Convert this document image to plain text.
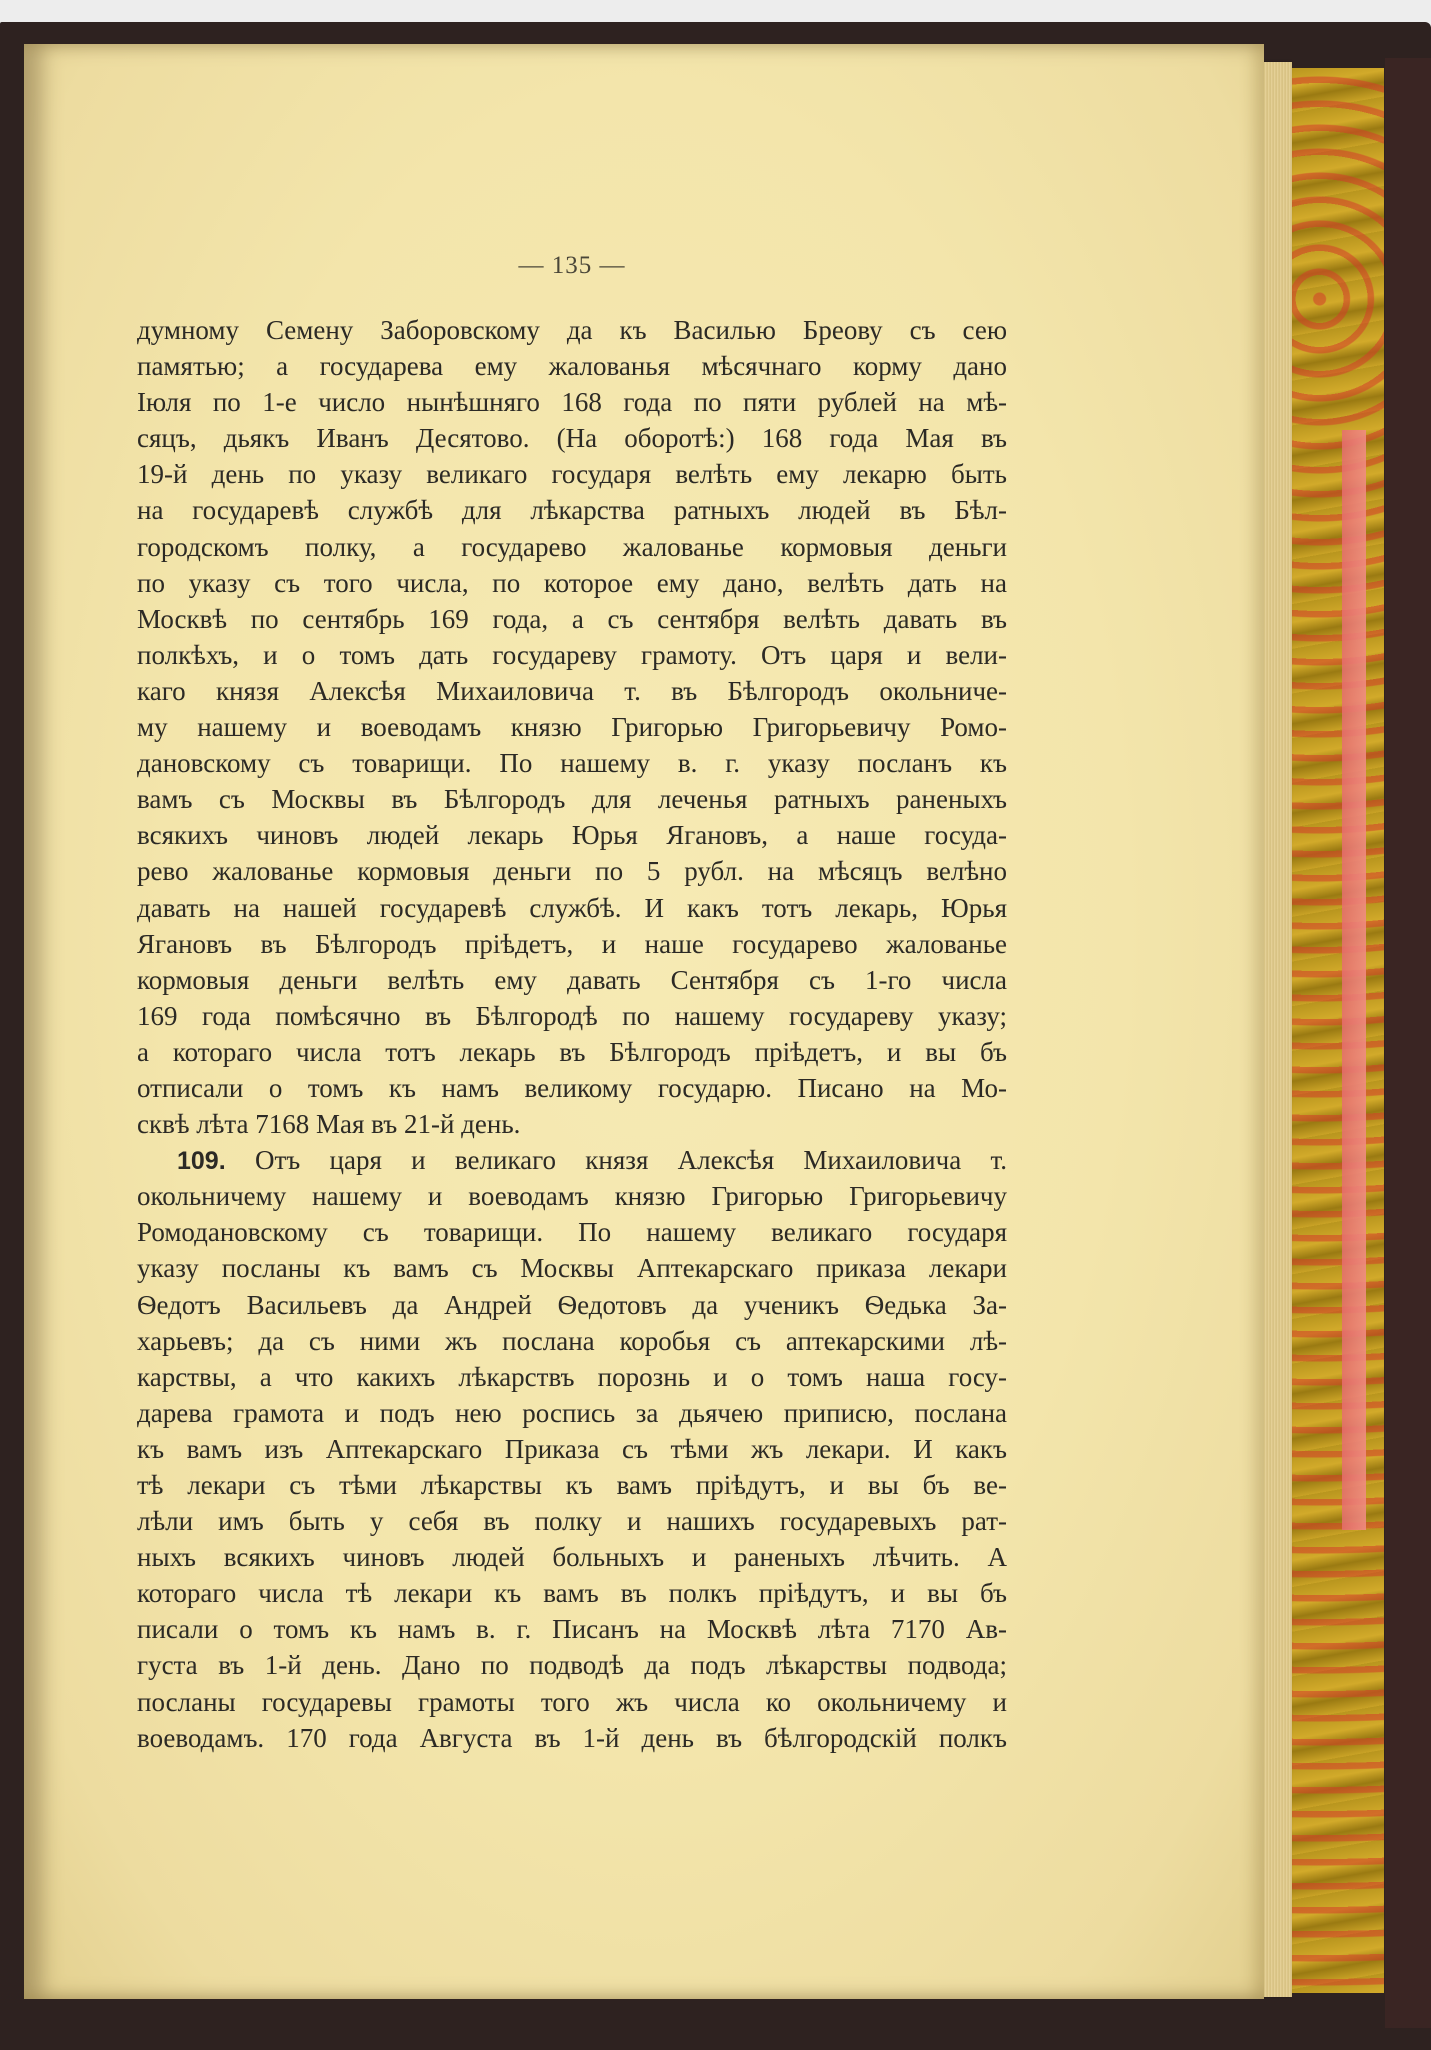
— 135 —
думному Семену Заборовскому да къ Василью Бреову съ сею
памятью; а государева ему жалованья мѣсячнаго корму дано
Іюля по 1-е число нынѣшняго 168 года по пяти рублей на мѣ-
сяцъ, дьякъ Иванъ Десятово. (На оборотѣ:) 168 года Мая въ
19-й день по указу великаго государя велѣть ему лекарю быть
на государевѣ службѣ для лѣкарства ратныхъ людей въ Бѣл-
городскомъ полку, а государево жалованье кормовыя деньги
по указу съ того числа, по которое ему дано, велѣть дать на
Москвѣ по сентябрь 169 года, а съ сентября велѣть давать въ
полкѣхъ, и о томъ дать государеву грамоту. Отъ царя и вели-
каго князя Алексѣя Михаиловича т. въ Бѣлгородъ окольниче-
му нашему и воеводамъ князю Григорью Григорьевичу Ромо-
дановскому съ товарищи. По нашему в. г. указу посланъ къ
вамъ съ Москвы въ Бѣлгородъ для леченья ратныхъ раненыхъ
всякихъ чиновъ людей лекарь Юрья Ягановъ, а наше госуда-
рево жалованье кормовыя деньги по 5 рубл. на мѣсяцъ велѣно
давать на нашей государевѣ службѣ. И какъ тотъ лекарь, Юрья
Ягановъ въ Бѣлгородъ пріѣдетъ, и наше государево жалованье
кормовыя деньги велѣть ему давать Сентября съ 1-го числа
169 года помѣсячно въ Бѣлгородѣ по нашему государеву указу;
а котораго числа тотъ лекарь въ Бѣлгородъ пріѣдетъ, и вы бъ
отписали о томъ къ намъ великому государю. Писано на Мо-
сквѣ лѣта 7168 Мая въ 21-й день.
109. Отъ царя и великаго князя Алексѣя Михаиловича т.
окольничему нашему и воеводамъ князю Григорью Григорьевичу
Ромодановскому съ товарищи. По нашему великаго государя
указу посланы къ вамъ съ Москвы Аптекарскаго приказа лекари
Ѳедотъ Васильевъ да Андрей Ѳедотовъ да ученикъ Ѳедька За-
харьевъ; да съ ними жъ послана коробья съ аптекарскими лѣ-
карствы, а что какихъ лѣкарствъ порознь и о томъ наша госу-
дарева грамота и подъ нею роспись за дьячею приписю, послана
къ вамъ изъ Аптекарскаго Приказа съ тѣми жъ лекари. И какъ
тѣ лекари съ тѣми лѣкарствы къ вамъ пріѣдутъ, и вы бъ ве-
лѣли имъ быть у себя въ полку и нашихъ государевыхъ рат-
ныхъ всякихъ чиновъ людей больныхъ и раненыхъ лѣчить. А
котораго числа тѣ лекари къ вамъ въ полкъ пріѣдутъ, и вы бъ
писали о томъ къ намъ в. г. Писанъ на Москвѣ лѣта 7170 Ав-
густа въ 1-й день. Дано по подводѣ да подъ лѣкарствы подвода;
посланы государевы грамоты того жъ числа ко окольничему и
воеводамъ. 170 года Августа въ 1-й день въ бѣлгородскій полкъ
